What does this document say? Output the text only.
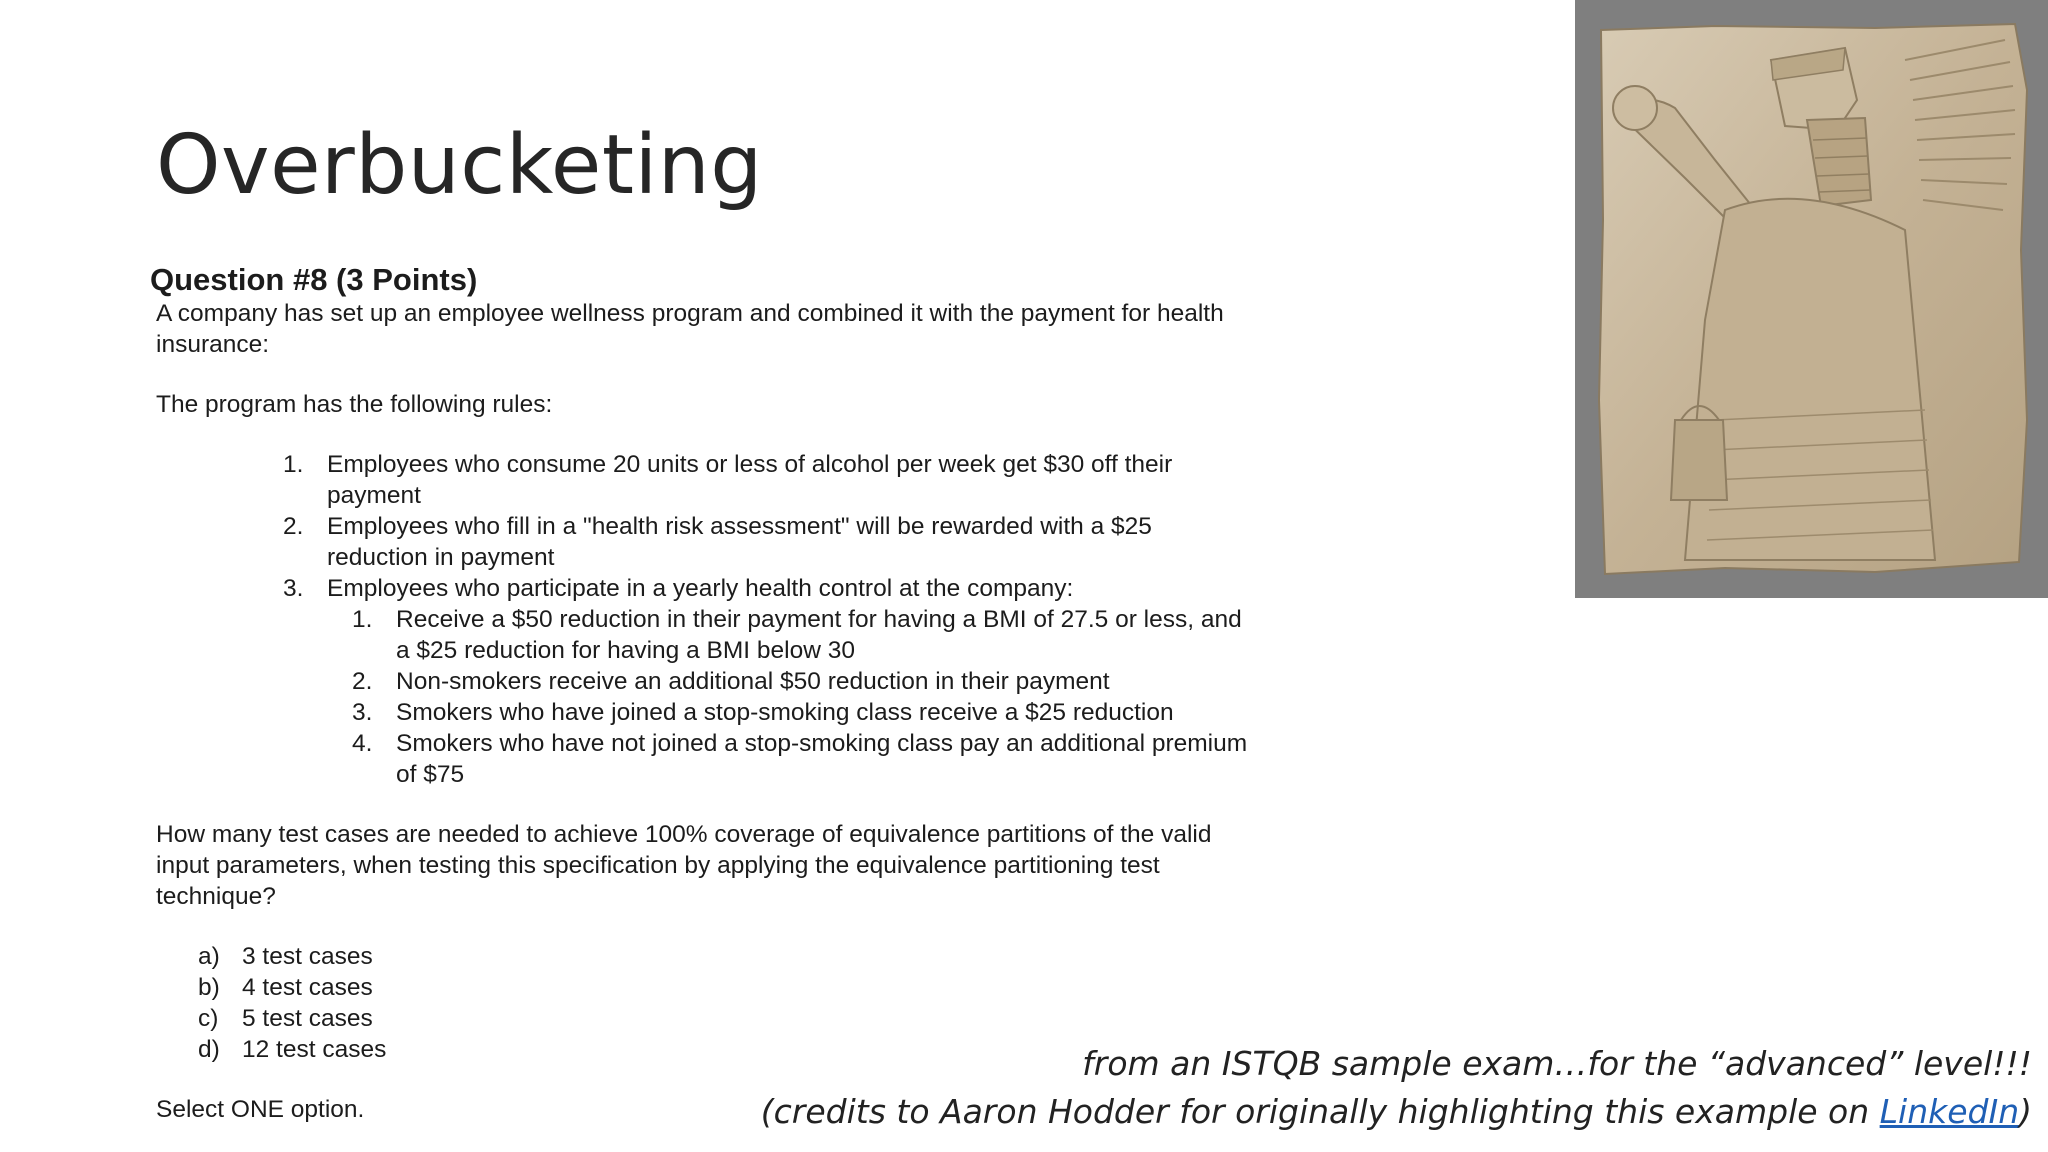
Overbucketing

Question #8 (3 Points)

A company has set up an employee wellness program and combined it with the payment for health
insurance:

The program has the following rules:

1. Employees who consume 20 units or less of alcohol per week get $30 off their
payment
2. Employees who fill in a "health risk assessment" will be rewarded with a $25
reduction in payment
3. Employees who participate in a yearly health control at the company:
1. Receive a $50 reduction in their payment for having a BMI of 27.5 or less, and
a $25 reduction for having a BMI below 30
2. Non-smokers receive an additional $50 reduction in their payment
3. Smokers who have joined a stop-smoking class receive a $25 reduction
4. Smokers who have not joined a stop-smoking class pay an additional premium
of $75

How many test cases are needed to achieve 100% coverage of equivalence partitions of the valid
input parameters, when testing this specification by applying the equivalence partitioning test
technique?

a) 3 test cases
b) 4 test cases
c) 5 test cases
d) 12 test cases

Select ONE option.

from an ISTQB sample exam…for the “advanced” level!!!
(credits to Aaron Hodder for originally highlighting this example on LinkedIn)
